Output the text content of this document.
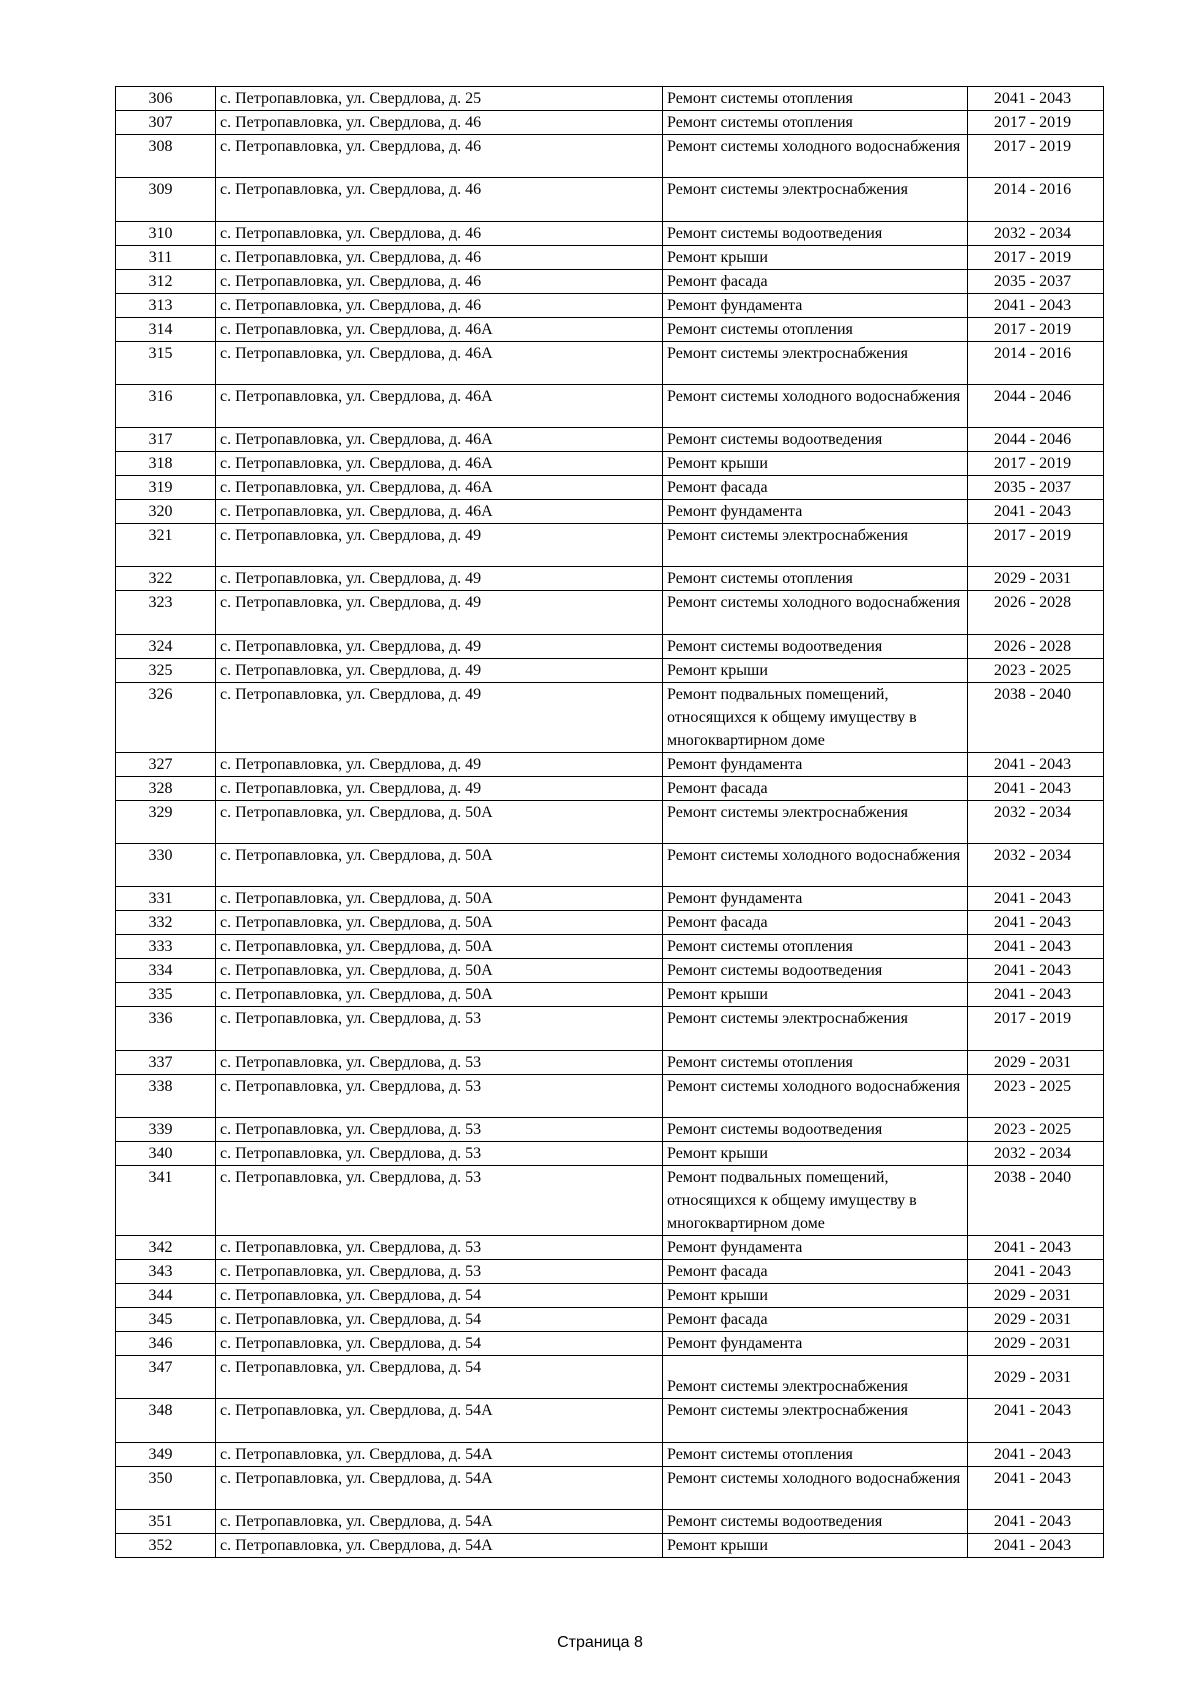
306	с. Петропавловка, ул. Свердлова, д. 25	Ремонт системы отопления	2041 - 2043
307	с. Петропавловка, ул. Свердлова, д. 46	Ремонт системы отопления	2017 - 2019
308	с. Петропавловка, ул. Свердлова, д. 46	Ремонт системы холодного водоснабжения	2017 - 2019
309	с. Петропавловка, ул. Свердлова, д. 46	Ремонт системы электроснабжения	2014 - 2016
310	с. Петропавловка, ул. Свердлова, д. 46	Ремонт системы водоотведения	2032 - 2034
311	с. Петропавловка, ул. Свердлова, д. 46	Ремонт крыши	2017 - 2019
312	с. Петропавловка, ул. Свердлова, д. 46	Ремонт фасада	2035 - 2037
313	с. Петропавловка, ул. Свердлова, д. 46	Ремонт фундамента	2041 - 2043
314	с. Петропавловка, ул. Свердлова, д. 46А	Ремонт системы отопления	2017 - 2019
315	с. Петропавловка, ул. Свердлова, д. 46А	Ремонт системы электроснабжения	2014 - 2016
316	с. Петропавловка, ул. Свердлова, д. 46А	Ремонт системы холодного водоснабжения	2044 - 2046
317	с. Петропавловка, ул. Свердлова, д. 46А	Ремонт системы водоотведения	2044 - 2046
318	с. Петропавловка, ул. Свердлова, д. 46А	Ремонт крыши	2017 - 2019
319	с. Петропавловка, ул. Свердлова, д. 46А	Ремонт фасада	2035 - 2037
320	с. Петропавловка, ул. Свердлова, д. 46А	Ремонт фундамента	2041 - 2043
321	с. Петропавловка, ул. Свердлова, д. 49	Ремонт системы электроснабжения	2017 - 2019
322	с. Петропавловка, ул. Свердлова, д. 49	Ремонт системы отопления	2029 - 2031
323	с. Петропавловка, ул. Свердлова, д. 49	Ремонт системы холодного водоснабжения	2026 - 2028
324	с. Петропавловка, ул. Свердлова, д. 49	Ремонт системы водоотведения	2026 - 2028
325	с. Петропавловка, ул. Свердлова, д. 49	Ремонт крыши	2023 - 2025
326	с. Петропавловка, ул. Свердлова, д. 49	Ремонт подвальных помещений, относящихся к общему имуществу в многоквартирном доме	2038 - 2040
327	с. Петропавловка, ул. Свердлова, д. 49	Ремонт фундамента	2041 - 2043
328	с. Петропавловка, ул. Свердлова, д. 49	Ремонт фасада	2041 - 2043
329	с. Петропавловка, ул. Свердлова, д. 50А	Ремонт системы электроснабжения	2032 - 2034
330	с. Петропавловка, ул. Свердлова, д. 50А	Ремонт системы холодного водоснабжения	2032 - 2034
331	с. Петропавловка, ул. Свердлова, д. 50А	Ремонт фундамента	2041 - 2043
332	с. Петропавловка, ул. Свердлова, д. 50А	Ремонт фасада	2041 - 2043
333	с. Петропавловка, ул. Свердлова, д. 50А	Ремонт системы отопления	2041 - 2043
334	с. Петропавловка, ул. Свердлова, д. 50А	Ремонт системы водоотведения	2041 - 2043
335	с. Петропавловка, ул. Свердлова, д. 50А	Ремонт крыши	2041 - 2043
336	с. Петропавловка, ул. Свердлова, д. 53	Ремонт системы электроснабжения	2017 - 2019
337	с. Петропавловка, ул. Свердлова, д. 53	Ремонт системы отопления	2029 - 2031
338	с. Петропавловка, ул. Свердлова, д. 53	Ремонт системы холодного водоснабжения	2023 - 2025
339	с. Петропавловка, ул. Свердлова, д. 53	Ремонт системы водоотведения	2023 - 2025
340	с. Петропавловка, ул. Свердлова, д. 53	Ремонт крыши	2032 - 2034
341	с. Петропавловка, ул. Свердлова, д. 53	Ремонт подвальных помещений, относящихся к общему имуществу в многоквартирном доме	2038 - 2040
342	с. Петропавловка, ул. Свердлова, д. 53	Ремонт фундамента	2041 - 2043
343	с. Петропавловка, ул. Свердлова, д. 53	Ремонт фасада	2041 - 2043
344	с. Петропавловка, ул. Свердлова, д. 54	Ремонт крыши	2029 - 2031
345	с. Петропавловка, ул. Свердлова, д. 54	Ремонт фасада	2029 - 2031
346	с. Петропавловка, ул. Свердлова, д. 54	Ремонт фундамента	2029 - 2031
347	с. Петропавловка, ул. Свердлова, д. 54	Ремонт системы электроснабжения	2029 - 2031
348	с. Петропавловка, ул. Свердлова, д. 54А	Ремонт системы электроснабжения	2041 - 2043
349	с. Петропавловка, ул. Свердлова, д. 54А	Ремонт системы отопления	2041 - 2043
350	с. Петропавловка, ул. Свердлова, д. 54А	Ремонт системы холодного водоснабжения	2041 - 2043
351	с. Петропавловка, ул. Свердлова, д. 54А	Ремонт системы водоотведения	2041 - 2043
352	с. Петропавловка, ул. Свердлова, д. 54А	Ремонт крыши	2041 - 2043
Страница 8
